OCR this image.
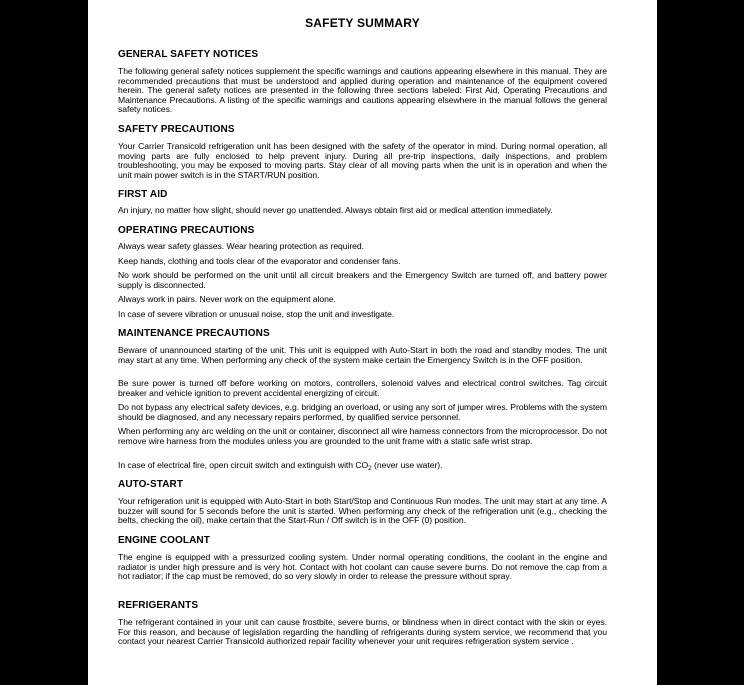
SAFETY SUMMARY
GENERAL SAFETY NOTICES
The following general safety notices supplement the specific warnings and cautions appearing elsewhere in this manual. They are recommended precautions that must be understood and applied during operation and maintenance of the equipment covered herein. The general safety notices are presented in the following three sections labeled: First Aid, Operating Precautions and Maintenance Precautions. A listing of the specific warnings and cautions appearing elsewhere in the manual follows the general safety notices.
SAFETY PRECAUTIONS
Your Carrier Transicold refrigeration unit has been designed with the safety of the operator in mind. During normal operation, all moving parts are fully enclosed to help prevent injury. During all pre-trip inspections, daily inspections, and problem troubleshooting, you may be exposed to moving parts. Stay clear of all moving parts when the unit is in operation and when the unit main power switch is in the START/RUN position.
FIRST AID
An injury, no matter how slight, should never go unattended. Always obtain first aid or medical attention immediately.
OPERATING PRECAUTIONS
Always wear safety glasses. Wear hearing protection as required.
Keep hands, clothing and tools clear of the evaporator and condenser fans.
No work should be performed on the unit until all circuit breakers and the Emergency Switch are turned off, and battery power supply is disconnected.
Always work in pairs. Never work on the equipment alone.
In case of severe vibration or unusual noise, stop the unit and investigate.
MAINTENANCE PRECAUTIONS
Beware of unannounced starting of the unit. This unit is equipped with Auto-Start in both the road and standby modes. The unit may start at any time. When performing any check of the system make certain the Emergency Switch is in the OFF position.
Be sure power is turned off before working on motors, controllers, solenoid valves and electrical control switches. Tag circuit breaker and vehicle ignition to prevent accidental energizing of circuit.
Do not bypass any electrical safety devices, e.g. bridging an overload, or using any sort of jumper wires. Problems with the system should be diagnosed, and any necessary repairs performed, by qualified service personnel.
When performing any arc welding on the unit or container, disconnect all wire harness connectors from the microprocessor. Do not remove wire harness from the modules unless you are grounded to the unit frame with a static safe wrist strap.
In case of electrical fire, open circuit switch and extinguish with $CO_2$ (never use water).
AUTO-START
Your refrigeration unit is equipped with Auto-Start in both Start/Stop and Continuous Run modes. The unit may start at any time. A buzzer will sound for 5 seconds before the unit is started. When performing any check of the refrigeration unit (e.g., checking the belts, checking the oil), make certain that the Start-Run / Off switch is in the OFF (0) position.
ENGINE COOLANT
The engine is equipped with a pressurized cooling system. Under normal operating conditions, the coolant in the engine and radiator is under high pressure and is very hot. Contact with hot coolant can cause severe burns. Do not remove the cap from a hot radiator; if the cap must be removed, do so very slowly in order to release the pressure without spray.
REFRIGERANTS
The refrigerant contained in your unit can cause frostbite, severe burns, or blindness when in direct contact with the skin or eyes. For this reason, and because of legislation regarding the handling of refrigerants during system service, we recommend that you contact your nearest Carrier Transicold authorized repair facility whenever your unit requires refrigeration system service .
